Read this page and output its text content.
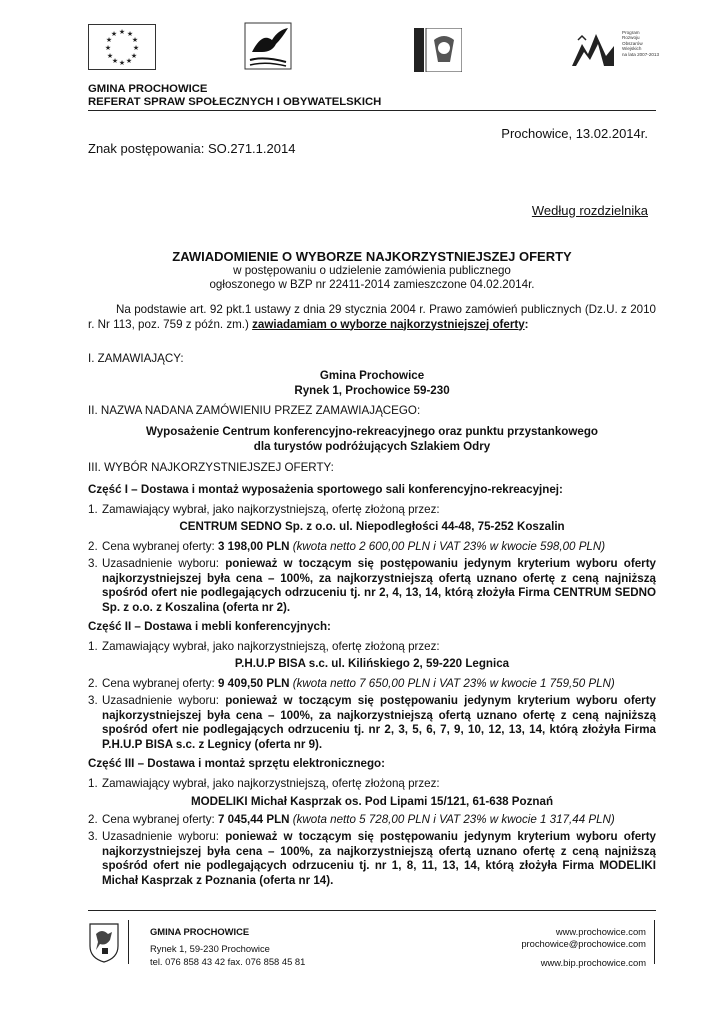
★ ★
★
★
★
★
★
★
★
★
★
★	Program
Rozwoju
Obszarów
Wiejskich
na lata 2007-2013
GMINA PROCHOWICE
REFERAT SPRAW SPOŁECZNYCH I OBYWATELSKICH
Prochowice, 13.02.2014r.
Znak postępowania: SO.271.1.2014
Według rozdzielnika
ZAWIADOMIENIE O WYBORZE NAJKORZYSTNIEJSZEJ OFERTY
w postępowaniu o udzielenie zamówienia publicznego
ogłoszonego w BZP nr 22411-2014 zamieszczone 04.02.2014r.
Na podstawie art. 92 pkt.1 ustawy z dnia 29 stycznia 2004 r. Prawo zamówień publicznych (Dz.U. z 2010 r. Nr 113, poz. 759 z późn. zm.) zawiadamiam o wyborze najkorzystniejszej oferty:
I. ZAMAWIAJĄCY:
Gmina Prochowice
Rynek 1, Prochowice 59-230
II. NAZWA NADANA ZAMÓWIENIU PRZEZ ZAMAWIAJĄCEGO:
Wyposażenie Centrum konferencyjno-rekreacyjnego oraz punktu przystankowego
dla turystów podróżujących Szlakiem Odry
III. WYBÓR NAJKORZYSTNIEJSZEJ OFERTY:
Część I – Dostawa i montaż wyposażenia sportowego sali konferencyjno-rekreacyjnej:
1. Zamawiający wybrał, jako najkorzystniejszą, ofertę złożoną przez:
CENTRUM SEDNO Sp. z o.o. ul. Niepodległości 44-48, 75-252 Koszalin
2. Cena wybranej oferty: 3 198,00 PLN (kwota netto 2 600,00 PLN i VAT 23% w kwocie 598,00 PLN)
3. Uzasadnienie wyboru: ponieważ w toczącym się postępowaniu jedynym kryterium wyboru oferty najkorzystniejszej była cena – 100%, za najkorzystniejszą ofertą uznano ofertę z ceną najniższą spośród ofert nie podlegających odrzuceniu tj. nr 2, 4, 13, 14, którą złożyła Firma CENTRUM SEDNO Sp. z o.o. z Koszalina (oferta nr 2).
Część II – Dostawa i mebli konferencyjnych:
1. Zamawiający wybrał, jako najkorzystniejszą, ofertę złożoną przez:
P.H.U.P BISA s.c. ul. Kilińskiego 2, 59-220 Legnica
2. Cena wybranej oferty: 9 409,50 PLN (kwota netto 7 650,00 PLN i VAT 23% w kwocie 1 759,50 PLN)
3. Uzasadnienie wyboru: ponieważ w toczącym się postępowaniu jedynym kryterium wyboru oferty najkorzystniejszej była cena – 100%, za najkorzystniejszą ofertą uznano ofertę z ceną najniższą spośród ofert nie podlegających odrzuceniu tj. nr 2, 3, 5, 6, 7, 9, 10, 12, 13, 14, którą złożyła Firma P.H.U.P BISA s.c. z Legnicy (oferta nr 9).
Część III – Dostawa i montaż sprzętu elektronicznego:
1. Zamawiający wybrał, jako najkorzystniejszą, ofertę złożoną przez:
MODELIKI Michał Kasprzak os. Pod Lipami 15/121, 61-638 Poznań
2. Cena wybranej oferty: 7 045,44 PLN (kwota netto 5 728,00 PLN i VAT 23% w kwocie 1 317,44 PLN)
3. Uzasadnienie wyboru: ponieważ w toczącym się postępowaniu jedynym kryterium wyboru oferty najkorzystniejszej była cena – 100%, za najkorzystniejszą ofertą uznano ofertę z ceną najniższą spośród ofert nie podlegających odrzuceniu tj. nr 1, 8, 11, 13, 14, którą złożyła Firma MODELIKI Michał Kasprzak z Poznania (oferta nr 14).
GMINA PROCHOWICE
Rynek 1, 59-230 Prochowice
tel. 076 858 43 42 fax. 076 858 45 81
www.prochowice.com
prochowice@prochowice.com
www.bip.prochowice.com
